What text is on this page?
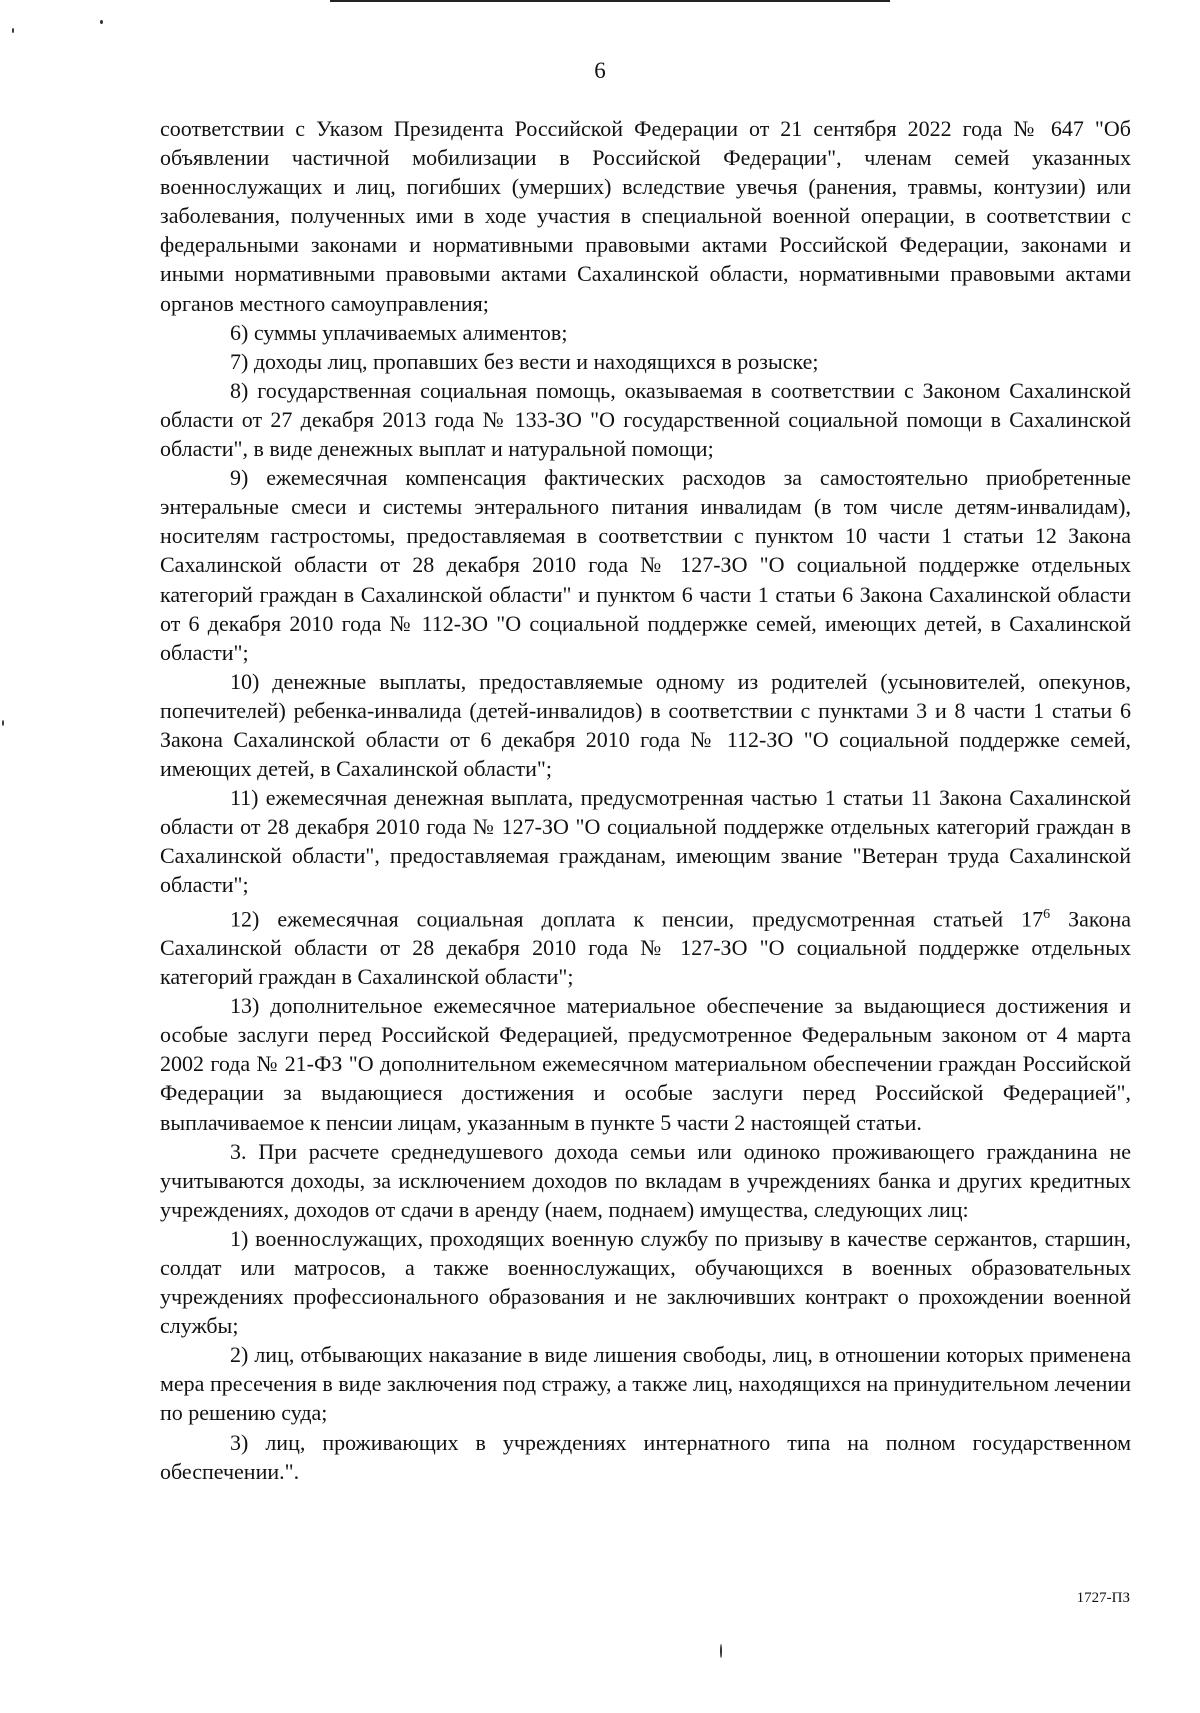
6

соответствии с Указом Президента Российской Федерации от 21 сентября 2022 года № 647 "Об объявлении частичной мобилизации в Российской Федерации", членам семей указанных военнослужащих и лиц, погибших (умерших) вследствие увечья (ранения, травмы, контузии) или заболевания, полученных ими в ходе участия в специальной военной операции, в соответствии с федеральными законами и нормативными правовыми актами Российской Федерации, законами и иными нормативными правовыми актами Сахалинской области, нормативными правовыми актами органов местного самоуправления;

6) суммы уплачиваемых алиментов;

7) доходы лиц, пропавших без вести и находящихся в розыске;

8) государственная социальная помощь, оказываемая в соответствии с Законом Сахалинской области от 27 декабря 2013 года № 133-ЗО "О государственной социальной помощи в Сахалинской области", в виде денежных выплат и натуральной помощи;

9) ежемесячная компенсация фактических расходов за самостоятельно приобретенные энтеральные смеси и системы энтерального питания инвалидам (в том числе детям-инвалидам), носителям гастростомы, предоставляемая в соответствии с пунктом 10 части 1 статьи 12 Закона Сахалинской области от 28 декабря 2010 года № 127-ЗО "О социальной поддержке отдельных категорий граждан в Сахалинской области" и пунктом 6 части 1 статьи 6 Закона Сахалинской области от 6 декабря 2010 года № 112-ЗО "О социальной поддержке семей, имеющих детей, в Сахалинской области";

10) денежные выплаты, предоставляемые одному из родителей (усыновителей, опекунов, попечителей) ребенка-инвалида (детей-инвалидов) в соответствии с пунктами 3 и 8 части 1 статьи 6 Закона Сахалинской области от 6 декабря 2010 года № 112-ЗО "О социальной поддержке семей, имеющих детей, в Сахалинской области";

11) ежемесячная денежная выплата, предусмотренная частью 1 статьи 11 Закона Сахалинской области от 28 декабря 2010 года № 127-ЗО "О социальной поддержке отдельных категорий граждан в Сахалинской области", предоставляемая гражданам, имеющим звание "Ветеран труда Сахалинской области";

12) ежемесячная социальная доплата к пенсии, предусмотренная статьей $17^6$ Закона Сахалинской области от 28 декабря 2010 года № 127-ЗО "О социальной поддержке отдельных категорий граждан в Сахалинской области";

13) дополнительное ежемесячное материальное обеспечение за выдающиеся достижения и особые заслуги перед Российской Федерацией, предусмотренное Федеральным законом от 4 марта 2002 года № 21-ФЗ "О дополнительном ежемесячном материальном обеспечении граждан Российской Федерации за выдающиеся достижения и особые заслуги перед Российской Федерацией", выплачиваемое к пенсии лицам, указанным в пункте 5 части 2 настоящей статьи.

3. При расчете среднедушевого дохода семьи или одиноко проживающего гражданина не учитываются доходы, за исключением доходов по вкладам в учреждениях банка и других кредитных учреждениях, доходов от сдачи в аренду (наем, поднаем) имущества, следующих лиц:

1) военнослужащих, проходящих военную службу по призыву в качестве сержантов, старшин, солдат или матросов, а также военнослужащих, обучающихся в военных образовательных учреждениях профессионального образования и не заключивших контракт о прохождении военной службы;

2) лиц, отбывающих наказание в виде лишения свободы, лиц, в отношении которых применена мера пресечения в виде заключения под стражу, а также лиц, находящихся на принудительном лечении по решению суда;

3) лиц, проживающих в учреждениях интернатного типа на полном государственном обеспечении.".

1727-ПЗ
